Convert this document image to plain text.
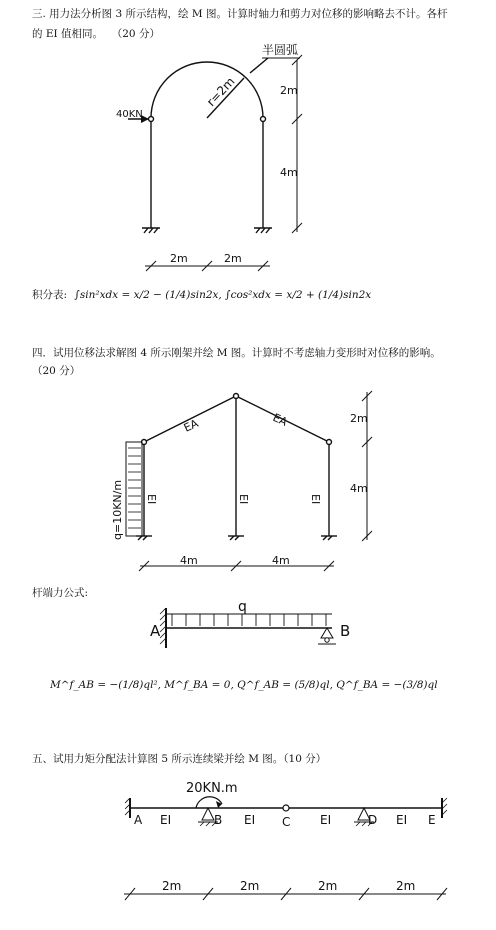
三. 用力法分析图 3 所示结构，绘 M 图。计算时轴力和剪力对位移的影响略去不计。各杆

的 EI 值相同。 （20 分）

半圆弧
r=2m
40KN
2m
4m
2m	2m

积分表: ∫sin²xdx = x/2 − (1/4)sin2x, ∫cos²xdx = x/2 + (1/4)sin2x

四．试用位移法求解图 4 所示刚架并绘 M 图。计算时不考虑轴力变形时对位移的影响。

（20 分）

EA	EA
q=10KN/m EI	EI	EI
2m
4m
4m	4m

杆端力公式:

q
A	B

M^f_AB = −(1/8)ql², M^f_BA = 0, Q^f_AB = (5/8)ql, Q^f_BA = −(3/8)ql

五、试用力矩分配法计算图 5 所示连续梁并绘 M 图。（10 分）

20KN.m
A	B	C	D	E
EI	EI	EI	EI
2m	2m	2m	2m
